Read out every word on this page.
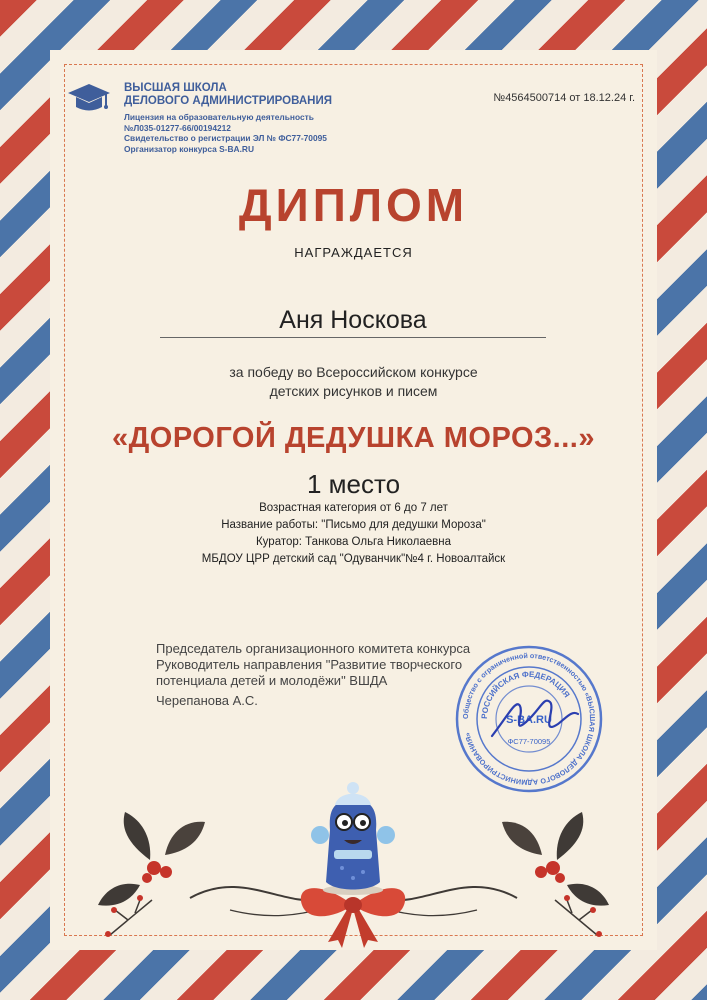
ВЫСШАЯ ШКОЛА
ДЕЛОВОГО АДМИНИСТРИРОВАНИЯ
Лицензия на образовательную деятельность
№Л035-01277-66/00194212
Свидетельство о регистрации ЭЛ № ФС77-70095
Организатор конкурса S-BA.RU
№4564500714 от 18.12.24 г.
ДИПЛОМ
НАГРАЖДАЕТСЯ
Аня Носкова
за победу во Всероссийском конкурсе
детских рисунков и писем
«ДОРОГОЙ ДЕДУШКА МОРОЗ...»
1 место
Возрастная категория от 6 до 7 лет
Название работы: "Письмо для дедушки Мороза"
Куратор: Танкова Ольга Николаевна
МБДОУ ЦРР детский сад "Одуванчик"№4 г. Новоалтайск
Председатель организационного комитета конкурса
Руководитель направления "Развитие творческого
потенциала детей и молодёжи" ВШДА
Черепанова А.С.
Общество с ограниченной ответственностью «ВЫСШАЯ ШКОЛА ДЕЛОВОГО АДМИНИСТРИРОВАНИЯ»
РОССИЙСКАЯ ФЕДЕРАЦИЯ
S-BA.RU
ФС77-70095
